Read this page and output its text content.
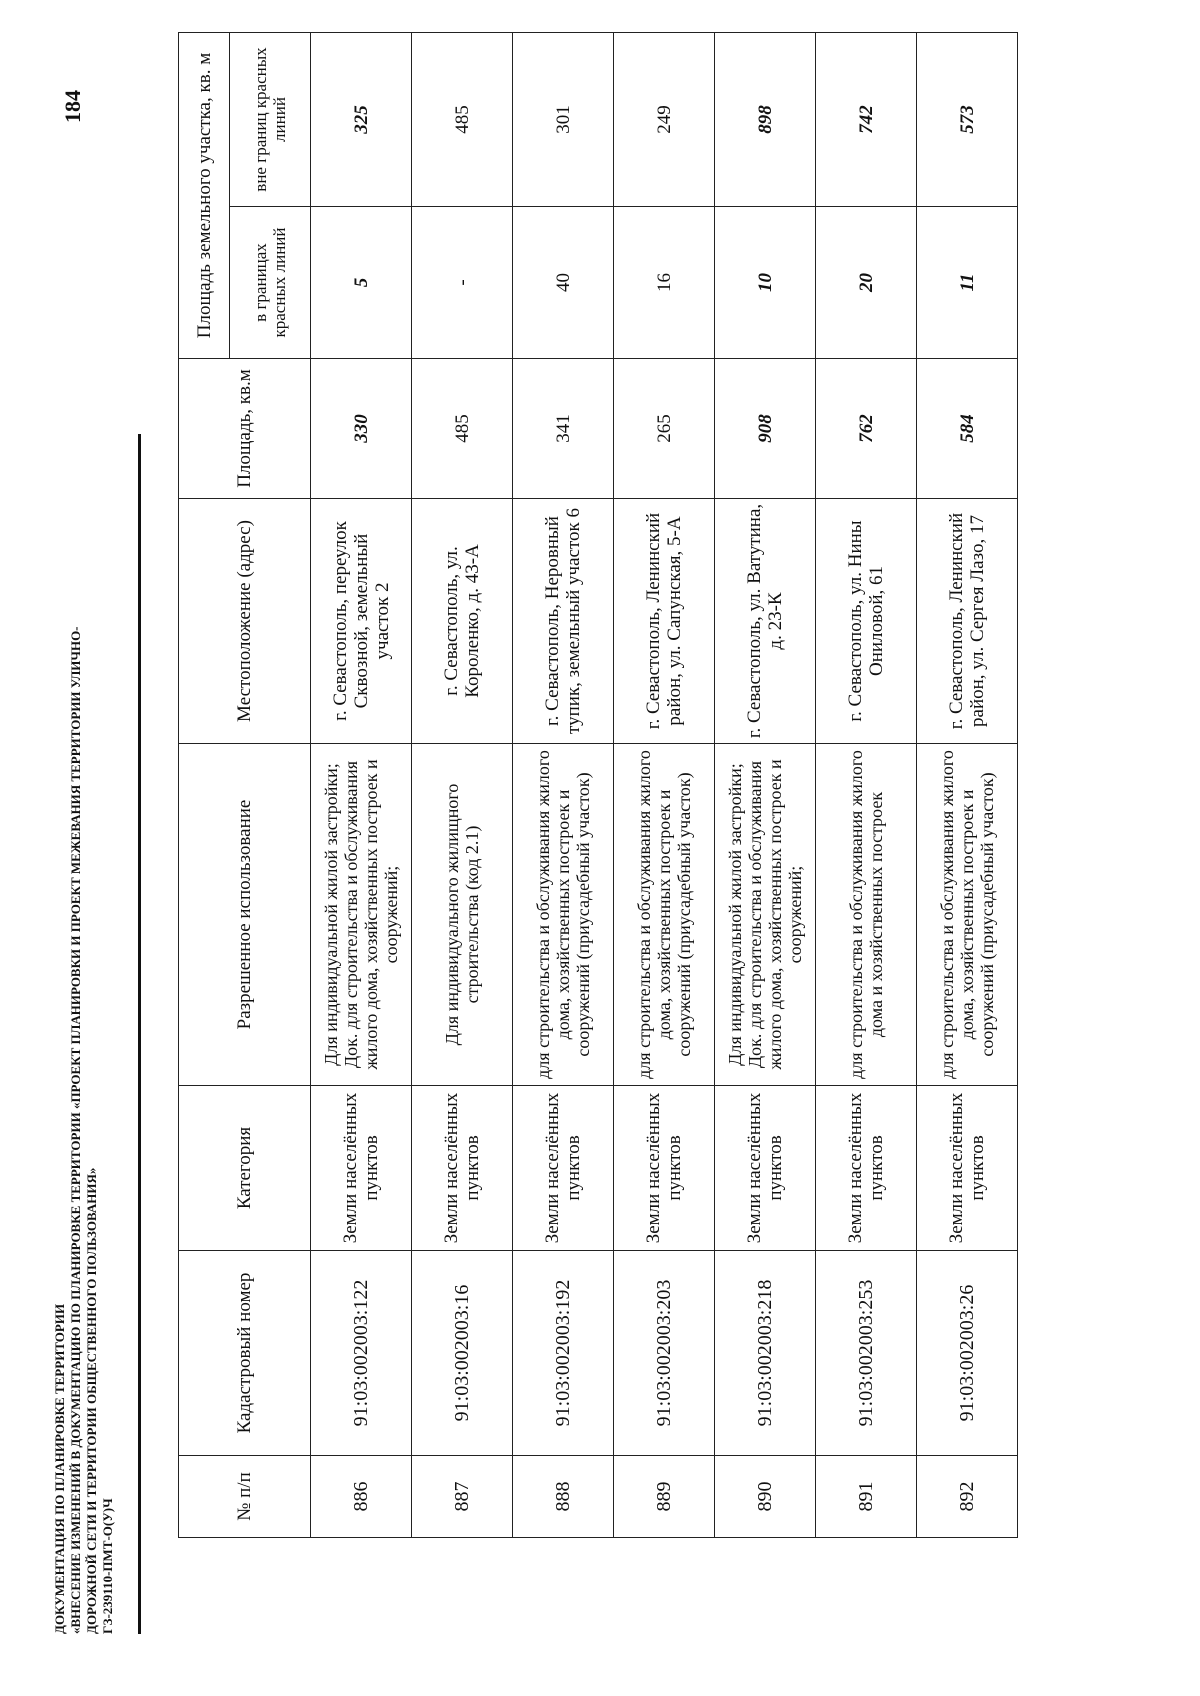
ДОКУМЕНТАЦИЯ ПО ПЛАНИРОВКЕ ТЕРРИТОРИИ «ВНЕСЕНИЕ ИЗМЕНЕНИЙ В ДОКУМЕНТАЦИЮ ПО ПЛАНИРОВКЕ ТЕРРИТОРИИ «ПРОЕКТ ПЛАНИРОВКИ И ПРОЕКТ МЕЖЕВАНИЯ ТЕРРИТОРИИ УЛИЧНО- ДОРОЖНОЙ СЕТИ И ТЕРРИТОРИИ ОБЩЕСТВЕННОГО ПОЛЬЗОВАНИЯ» ГЗ-239110-ПМТ-О(У)Ч
184
№ п/п	Кадастровый номер	Категория	Разрешенное использование	Местоположение (адрес)	Площадь, кв.м	Площадь земельного участка, кв. м	
						в границах красных линий	вне границ красных линий
886	91:03:002003:122	Земли населённых пунктов	Для индивидуальной жилой застройки; Док. для строительства и обслуживания жилого дома, хозяйственных построек и сооружений;	г. Севастополь, переулок Сквозной, земельный участок 2	330	5	325
887	91:03:002003:16	Земли населённых пунктов	Для индивидуального жилищного строительства (код 2.1)	г. Севастополь, ул. Короленко, д. 43-А	485	-	485
888	91:03:002003:192	Земли населённых пунктов	для строительства и обслуживания жилого дома, хозяйственных построек и сооружений (приусадебный участок)	г. Севастополь, Неровный тупик, земельный участок 6	341	40	301
889	91:03:002003:203	Земли населённых пунктов	для строительства и обслуживания жилого дома, хозяйственных построек и сооружений (приусадебный участок)	г. Севастополь, Ленинский район, ул. Сапунская, 5-А	265	16	249
890	91:03:002003:218	Земли населённых пунктов	Для индивидуальной жилой застройки; Док. для строительства и обслуживания жилого дома, хозяйственных построек и сооружений;	г. Севастополь, ул. Ватутина, д. 23-К	908	10	898
891	91:03:002003:253	Земли населённых пунктов	для строительства и обслуживания жилого дома и хозяйственных построек	г. Севастополь, ул. Нины Ониловой, 61	762	20	742
892	91:03:002003:26	Земли населённых пунктов	для строительства и обслуживания жилого дома, хозяйственных построек и сооружений (приусадебный участок)	г. Севастополь, Ленинский район, ул. Сергея Лазо, 17	584	11	573
